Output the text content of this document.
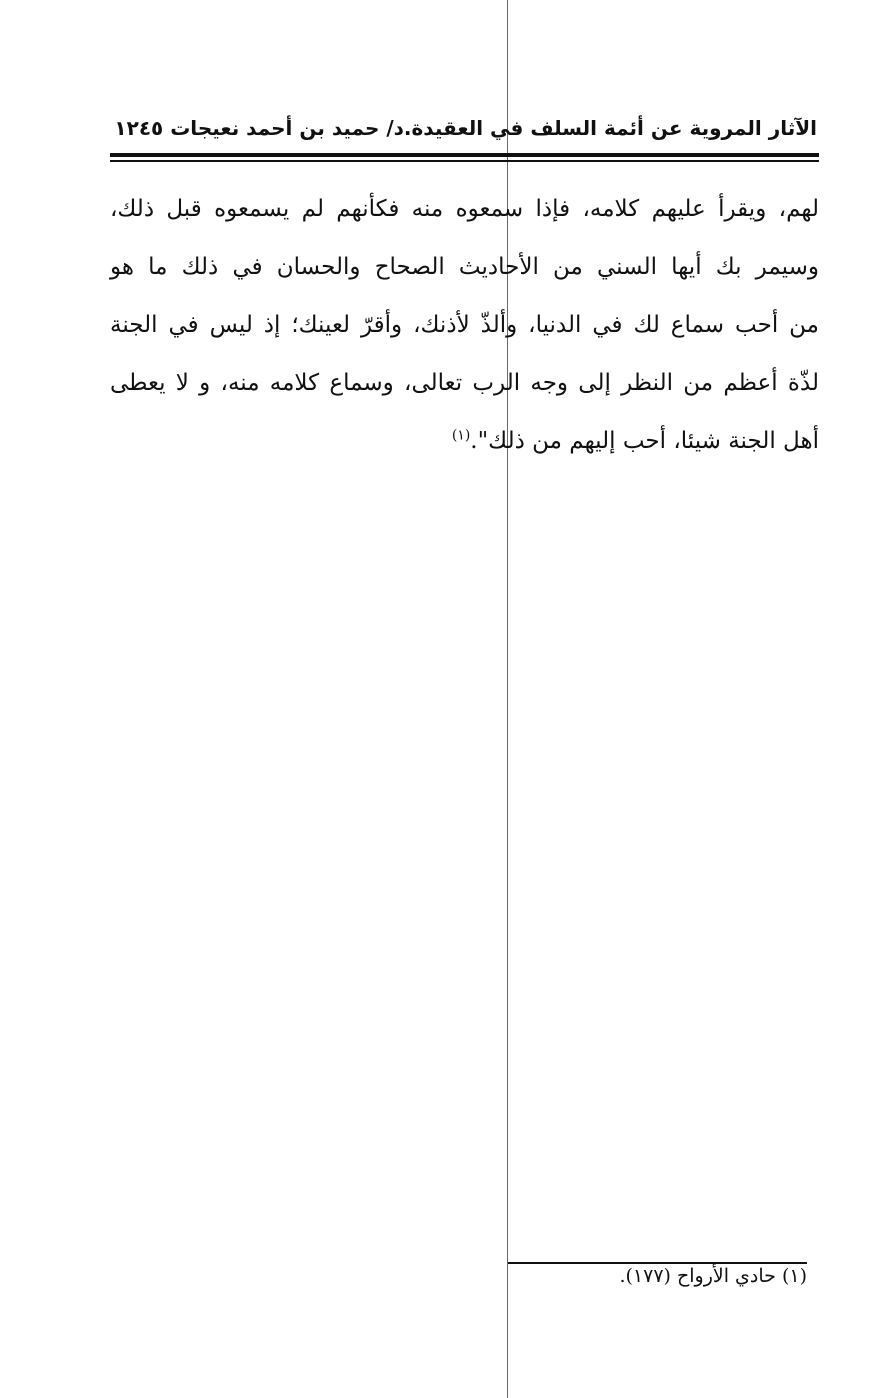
الآثار المروية عن أئمة السلف في العقيدة.د/ حميد بن أحمد نعيجات ١٢٤٥
لهم، ويقرأ عليهم كلامه، فإذا سمعوه منه فكأنهم لم يسمعوه قبل ذلك،
وسيمر بك أيها السني من الأحاديث الصحاح والحسان في ذلك ما هو
من أحب سماع لك في الدنيا، وألذّ لأذنك، وأقرّ لعينك؛ إذ ليس في الجنة
لذّة أعظم من النظر إلى وجه الرب تعالى، وسماع كلامه منه، و لا يعطى
أهل الجنة شيئا، أحب إليهم من ذلك".$^{(١)}$
(١) حادي الأرواح (١٧٧).
